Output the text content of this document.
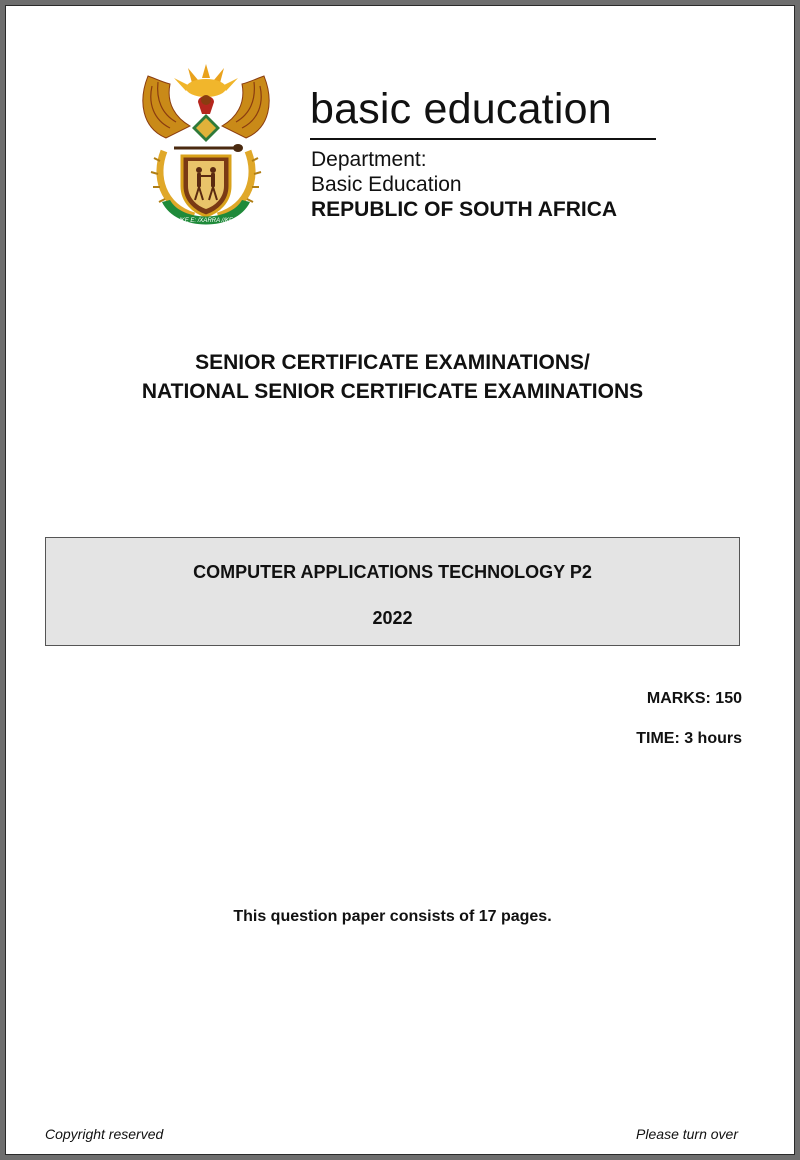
!KE E: /XARRA //KE
basic education
Department:
Basic Education
REPUBLIC OF SOUTH AFRICA
SENIOR CERTIFICATE EXAMINATIONS/
NATIONAL SENIOR CERTIFICATE EXAMINATIONS
COMPUTER APPLICATIONS TECHNOLOGY P2
2022
MARKS: 150
TIME: 3 hours
This question paper consists of 17 pages.
Copyright reserved	Please turn over
